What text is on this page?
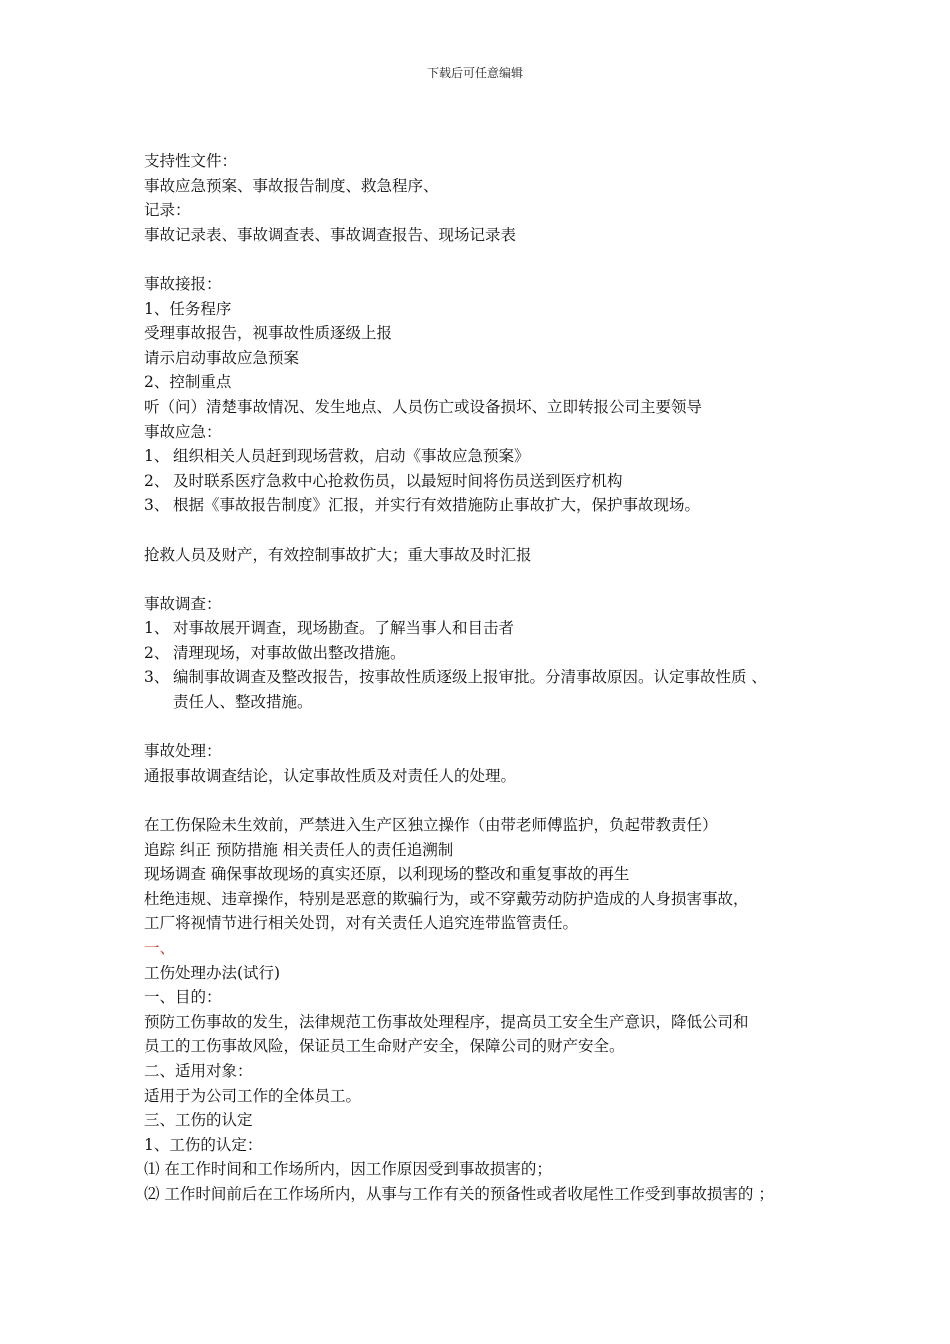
下载后可任意编辑
支持性文件：
事故应急预案、事故报告制度、救急程序、
记录：
事故记录表、事故调查表、事故调查报告、现场记录表
事故接报：
1、任务程序
受理事故报告，视事故性质逐级上报
请示启动事故应急预案
2、控制重点
听（问）清楚事故情况、发生地点、人员伤亡或设备损坏、立即转报公司主要领导
事故应急：
1、 组织相关人员赶到现场营救，启动《事故应急预案》
2、 及时联系医疗急救中心抢救伤员，以最短时间将伤员送到医疗机构
3、 根据《事故报告制度》汇报，并实行有效措施防止事故扩大，保护事故现场。
抢救人员及财产，有效控制事故扩大；重大事故及时汇报
事故调查：
1、 对事故展开调查，现场勘查。了解当事人和目击者
2、 清理现场，对事故做出整改措施。
3、 编制事故调查及整改报告，按事故性质逐级上报审批。分清事故原因。认定事故性质 、
责任人、整改措施。
事故处理：
通报事故调查结论，认定事故性质及对责任人的处理。
在工伤保险未生效前，严禁进入生产区独立操作（由带老师傅监护，负起带教责任）
追踪 纠正 预防措施 相关责任人的责任追溯制
现场调查 确保事故现场的真实还原，以利现场的整改和重复事故的再生
杜绝违规、违章操作，特别是恶意的欺骗行为，或不穿戴劳动防护造成的人身损害事故，
工厂将视情节进行相关处罚，对有关责任人追究连带监管责任。
一、
工伤处理办法(试行)
一、目的：
预防工伤事故的发生，法律规范工伤事故处理程序，提高员工安全生产意识，降低公司和
员工的工伤事故风险，保证员工生命财产安全，保障公司的财产安全。
二、适用对象：
适用于为公司工作的全体员工。
三、工伤的认定
1、工伤的认定：
⑴ 在工作时间和工作场所内，因工作原因受到事故损害的；
⑵ 工作时间前后在工作场所内，从事与工作有关的预备性或者收尾性工作受到事故损害的 ；
